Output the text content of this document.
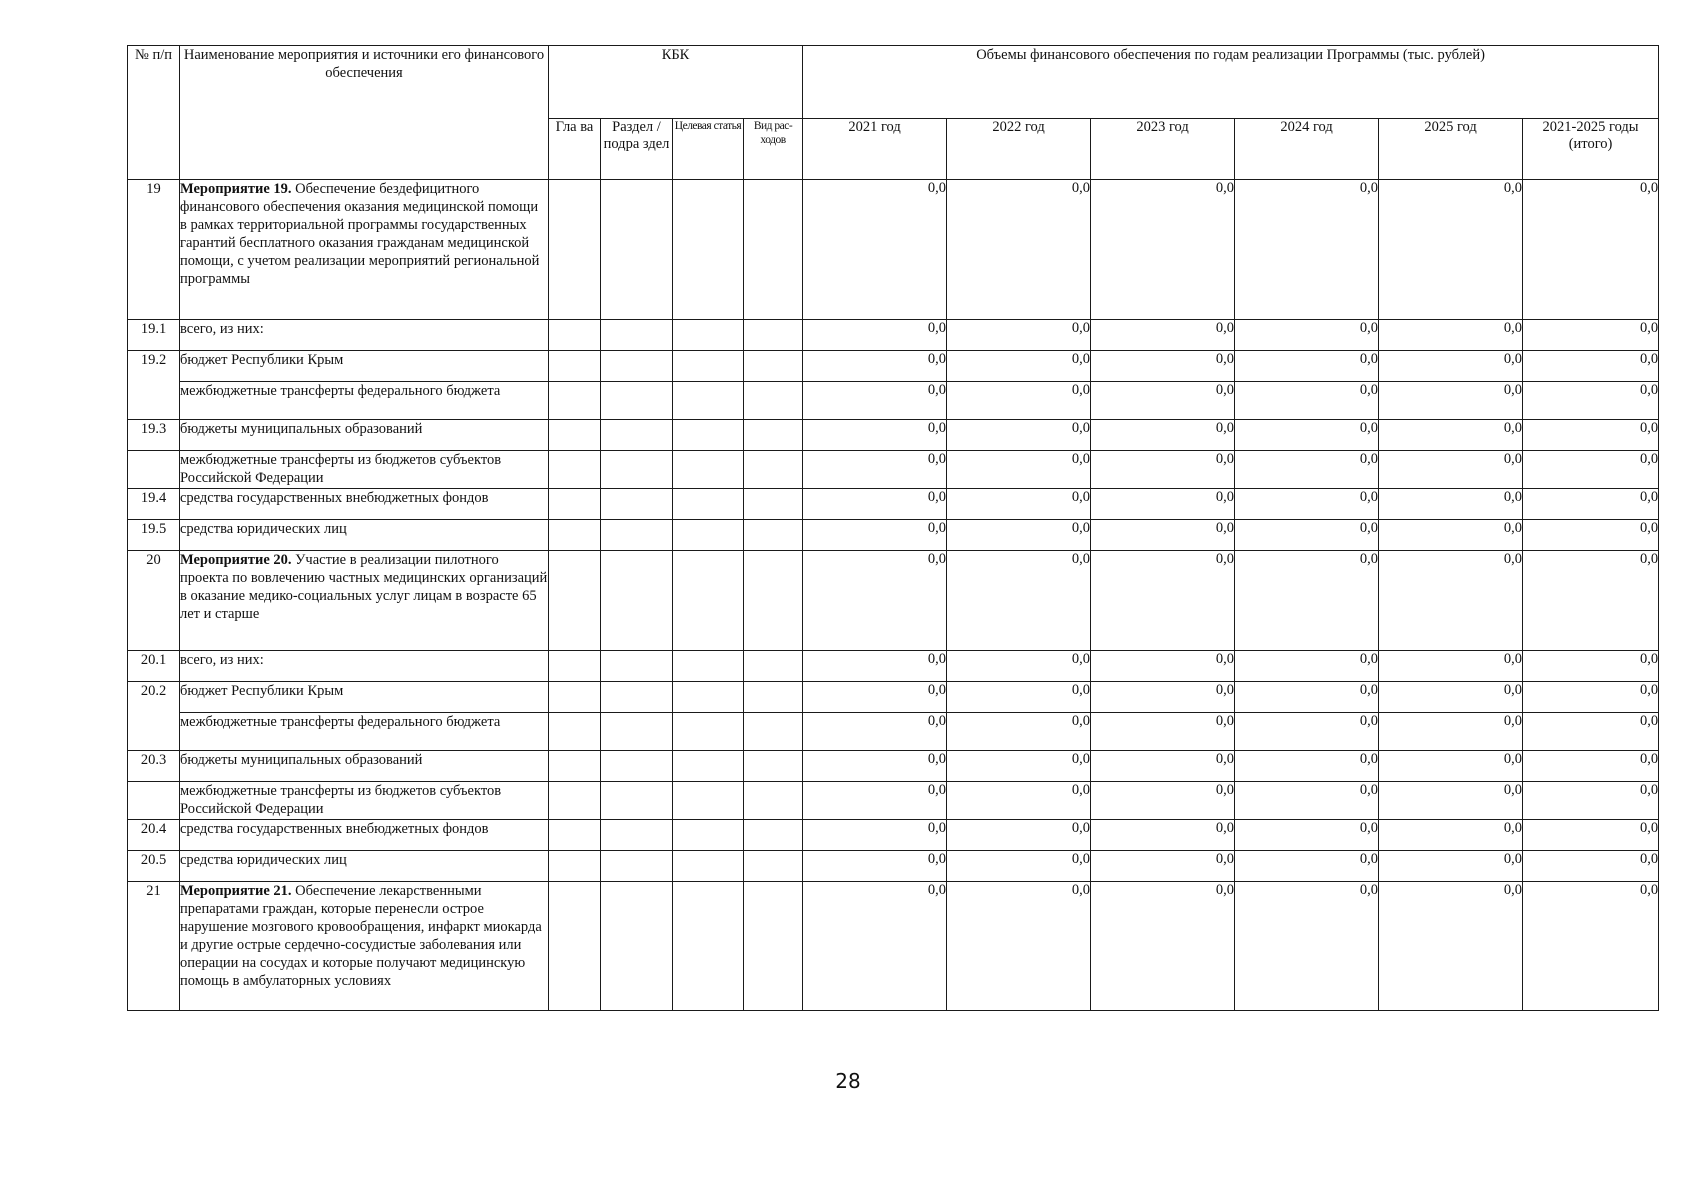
№ п/п	Наименование мероприятия и источники его финансового обеспечения	КБК				Объемы финансового обеспечения по годам реализации Программы (тыс. рублей)					
		Гла ва	Раздел /подра здел	Целевая статья	Вид рас- ходов	2021 год	2022 год	2023 год	2024 год	2025 год	2021-2025 годы (итого)
19	Мероприятие 19. Обеспечение бездефицитного финансового обеспечения оказания медицинской помощи в рамках территориальной программы государственных гарантий бесплатного оказания гражданам медицинской помощи, с учетом реализации мероприятий региональной программы					0,0	0,0	0,0	0,0	0,0	0,0
19.1	всего, из них:					0,0	0,0	0,0	0,0	0,0	0,0
19.2	бюджет Республики Крым					0,0	0,0	0,0	0,0	0,0	0,0
	межбюджетные трансферты федерального бюджета					0,0	0,0	0,0	0,0	0,0	0,0
19.3	бюджеты муниципальных образований					0,0	0,0	0,0	0,0	0,0	0,0
	межбюджетные трансферты из бюджетов субъектов Российской Федерации					0,0	0,0	0,0	0,0	0,0	0,0
19.4	средства государственных внебюджетных фондов					0,0	0,0	0,0	0,0	0,0	0,0
19.5	средства юридических лиц					0,0	0,0	0,0	0,0	0,0	0,0
20	Мероприятие 20. Участие в реализации пилотного проекта по вовлечению частных медицинских организаций в оказание медико-социальных услуг лицам в возрасте 65 лет и старше					0,0	0,0	0,0	0,0	0,0	0,0
20.1	всего, из них:					0,0	0,0	0,0	0,0	0,0	0,0
20.2	бюджет Республики Крым					0,0	0,0	0,0	0,0	0,0	0,0
	межбюджетные трансферты федерального бюджета					0,0	0,0	0,0	0,0	0,0	0,0
20.3	бюджеты муниципальных образований					0,0	0,0	0,0	0,0	0,0	0,0
	межбюджетные трансферты из бюджетов субъектов Российской Федерации					0,0	0,0	0,0	0,0	0,0	0,0
20.4	средства государственных внебюджетных фондов					0,0	0,0	0,0	0,0	0,0	0,0
20.5	средства юридических лиц					0,0	0,0	0,0	0,0	0,0	0,0
21	Мероприятие 21. Обеспечение лекарственными препаратами граждан, которые перенесли острое нарушение мозгового кровообращения, инфаркт миокарда и другие острые сердечно-сосудистые заболевания или операции на сосудах и которые получают медицинскую помощь в амбулаторных условиях					0,0	0,0	0,0	0,0	0,0	0,0
28
